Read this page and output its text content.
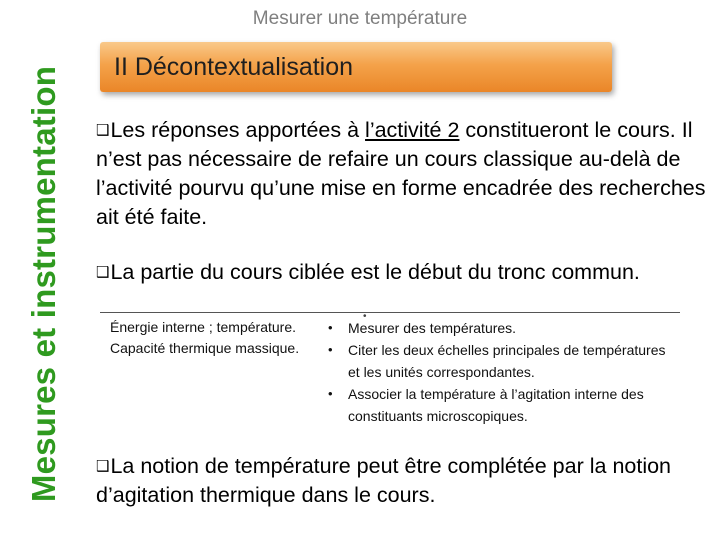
Mesurer une température
Mesures et instrumentation II Décontextualisation
❑Les réponses apportées à l’activité 2 constitueront le cours. Il n’est pas nécessaire de refaire un cours classique au-delà de l’activité pourvu qu’une mise en forme encadrée des recherches ait été faite.
❑La partie du cours ciblée est le début du tronc commun.
•
Énergie interne ; température.
Capacité thermique massique.
• Mesurer des températures.
• Citer les deux échelles principales de températures et les unités correspondantes.
• Associer la température à l’agitation interne des constituants microscopiques.
❑La notion de température peut être complétée par la notion d’agitation thermique dans le cours.
